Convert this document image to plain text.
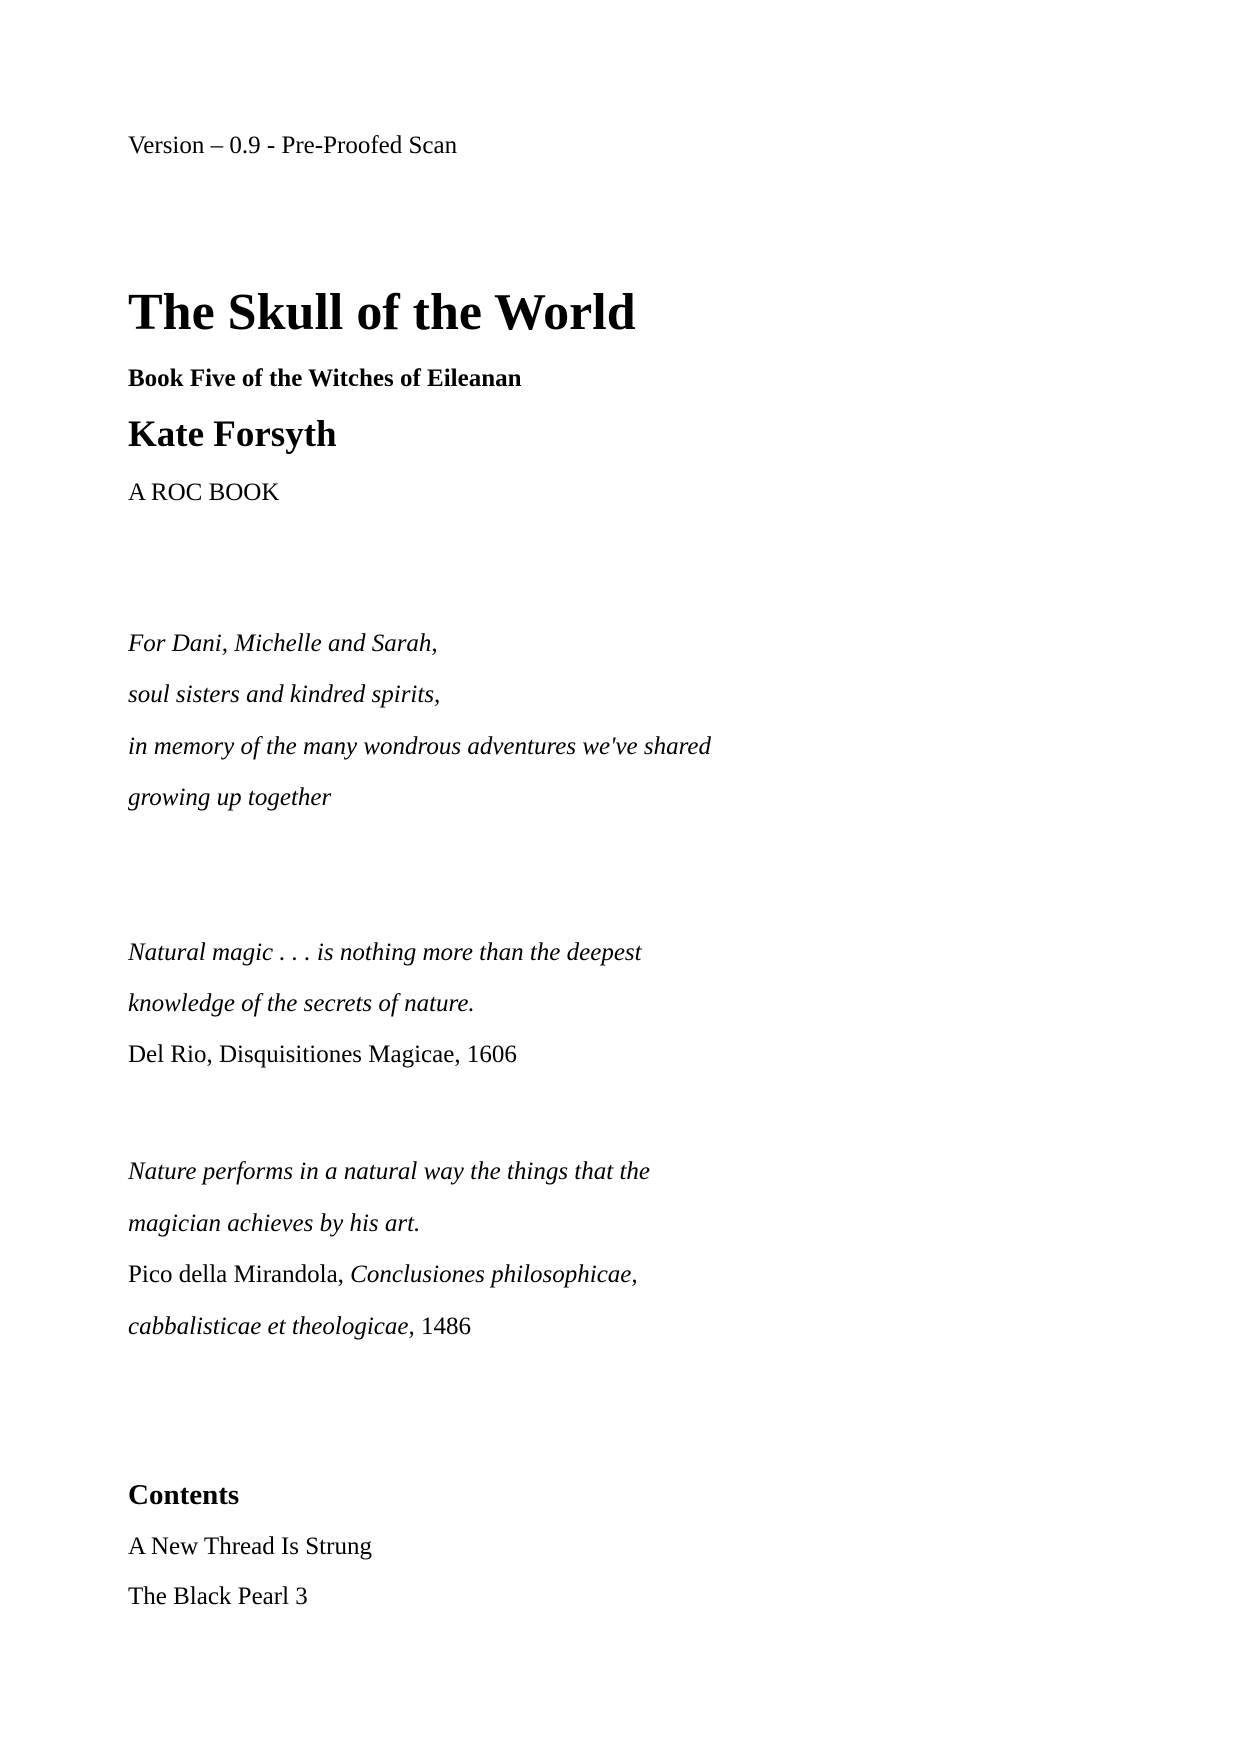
Version – 0.9 - Pre-Proofed Scan

The Skull of the World

Book Five of the Witches of Eileanan

Kate Forsyth

A ROC BOOK

For Dani, Michelle and Sarah,

soul sisters and kindred spirits,

in memory of the many wondrous adventures we've shared

growing up together

Natural magic . . . is nothing more than the deepest

knowledge of the secrets of nature.

Del Rio, Disquisitiones Magicae, 1606

Nature performs in a natural way the things that the

magician achieves by his art.

Pico della Mirandola, Conclusiones philosophicae,

cabbalisticae et theologicae, 1486

Contents

A New Thread Is Strung

The Black Pearl 3
